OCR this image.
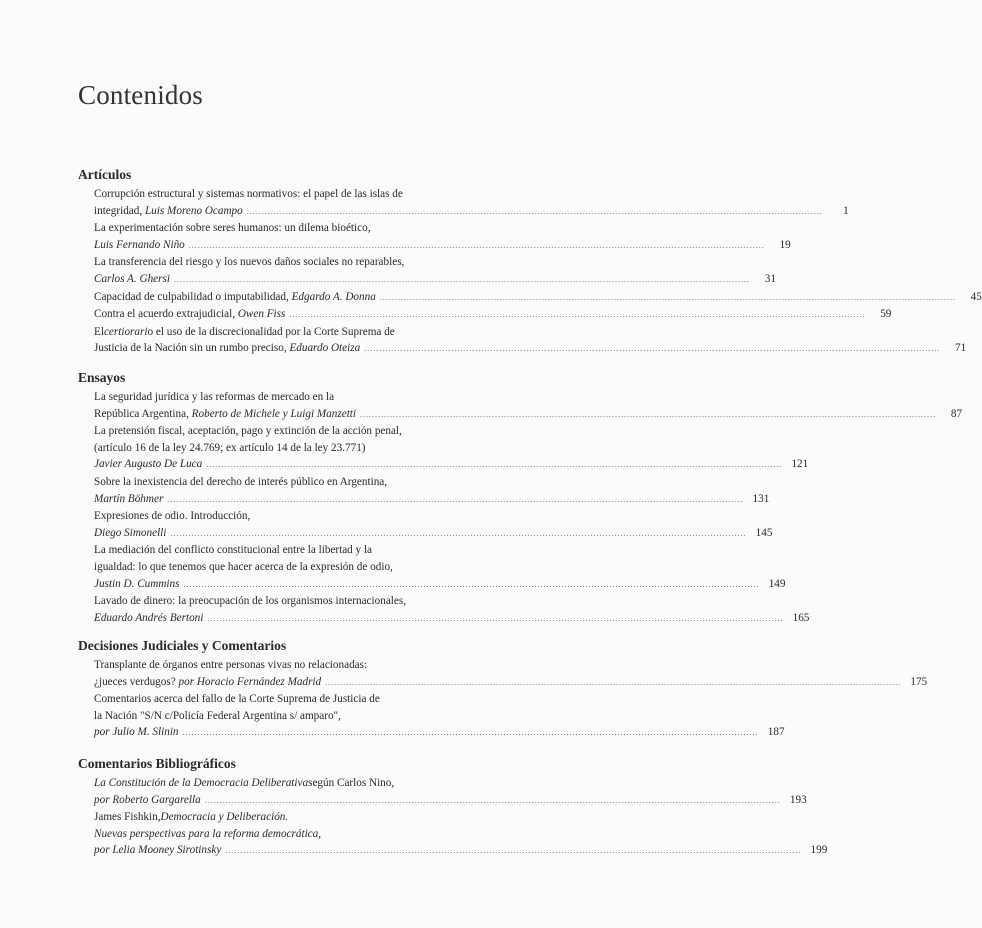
Contenidos
Artículos
Corrupción estructural y sistemas normativos: el papel de las islas de
integridad, Luis Moreno Ocampo .....	1
La experimentación sobre seres humanos: un dilema bioético,
Luis Fernando Niño .....	19
La transferencia del riesgo y los nuevos daños sociales no reparables,
Carlos A. Ghersi .....	31
Capacidad de culpabilidad o imputabilidad, Edgardo A. Donna .....	45
Contra el acuerdo extrajudicial, Owen Fiss .....	59
El certiorari o el uso de la discrecionalidad por la Corte Suprema de
Justicia de la Nación sin un rumbo preciso, Eduardo Oteiza .....	71
Ensayos
La seguridad jurídica y las reformas de mercado en la
República Argentina, Roberto de Michele y Luigi Manzetti .....	87
La pretensión fiscal, aceptación, pago y extinción de la acción penal,
(artículo 16 de la ley 24.769; ex artículo 14 de la ley 23.771)
Javier Augusto De Luca .....	121
Sobre la inexistencia del derecho de interés público en Argentina,
Martín Böhmer .....	131
Expresiones de odio. Introducción,
Diego Simonelli .....	145
La mediación del conflicto constitucional entre la libertad y la
igualdad: lo que tenemos que hacer acerca de la expresión de odio,
Justin D. Cummins .....	149
Lavado de dinero: la preocupación de los organismos internacionales,
Eduardo Andrés Bertoni .....	165
Decisiones Judiciales y Comentarios
Transplante de órganos entre personas vivas no relacionadas:
¿jueces verdugos? por Horacio Fernández Madrid .....	175
Comentarios acerca del fallo de la Corte Suprema de Justicia de
la Nación "S/N c/Policía Federal Argentina s/ amparo",
por Julio M. Slinin .....	187
Comentarios Bibliográficos
La Constitución de la Democracia Deliberativa según Carlos Nino,
por Roberto Gargarella .....	193
James Fishkin, Democracia y Deliberación.
Nuevas perspectivas para la reforma democrática,
por Lelia Mooney Sirotinsky .....	199
